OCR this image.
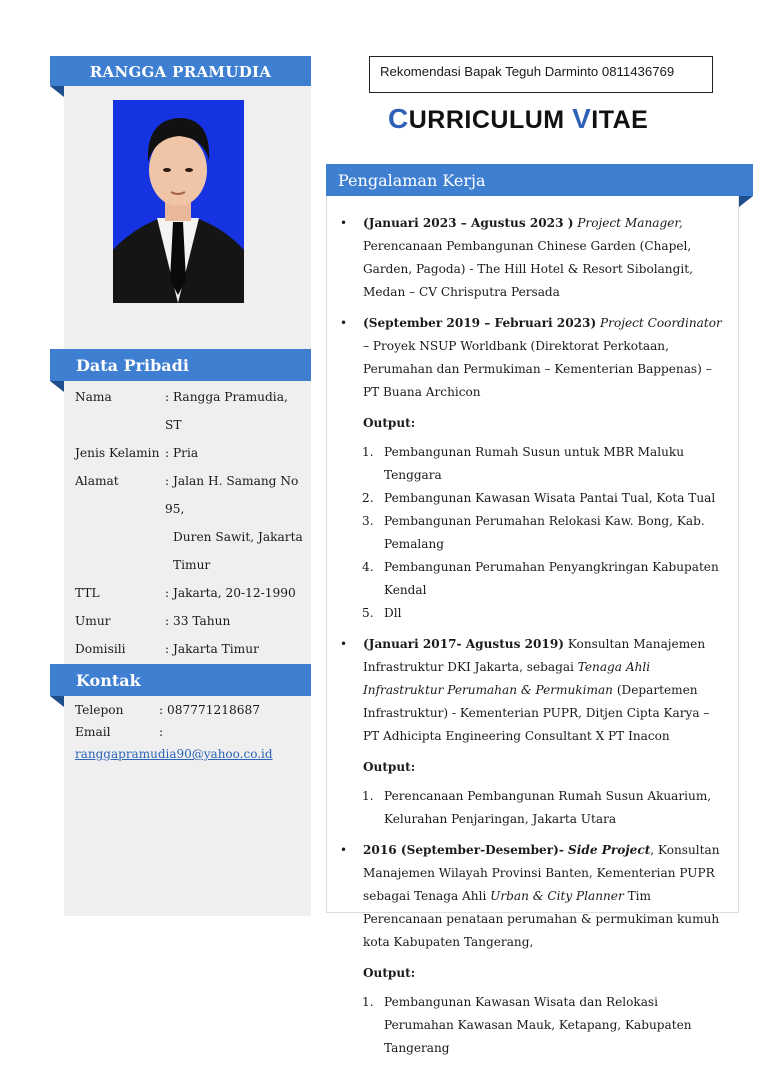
RANGGA PRAMUDIA
Data Pribadi
Nama	: Rangga Pramudia, ST
Jenis Kelamin : Pria
Alamat	: Jalan H. Samang No 95,
Duren Sawit, Jakarta
Timur
TTL	: Jakarta, 20-12-1990
Umur	: 33 Tahun
Domisili	: Jakarta Timur
Kontak
Telepon	: 087771218687
Email	:
ranggapramudia90@yahoo.co.id
Rekomendasi Bapak Teguh Darminto 0811436769
CURRICULUM VITAE
Pengalaman Kerja
•	(Januari 2023 – Agustus 2023 ) Project Manager, Perencanaan Pembangunan Chinese Garden (Chapel, Garden, Pagoda) - The Hill Hotel & Resort Sibolangit, Medan – CV Chrisputra Persada
•	(September 2019 – Februari 2023) Project Coordinator – Proyek NSUP Worldbank (Direktorat Perkotaan, Perumahan dan Permukiman – Kementerian Bappenas) – PT Buana Archicon
Output:
1. Pembangunan Rumah Susun untuk MBR Maluku Tenggara
2. Pembangunan Kawasan Wisata Pantai Tual, Kota Tual
3. Pembangunan Perumahan Relokasi Kaw. Bong, Kab. Pemalang
4. Pembangunan Perumahan Penyangkringan Kabupaten Kendal
5. Dll
•	(Januari 2017- Agustus 2019) Konsultan Manajemen Infrastruktur DKI Jakarta, sebagai Tenaga Ahli Infrastruktur Perumahan & Permukiman (Departemen Infrastruktur) - Kementerian PUPR, Ditjen Cipta Karya – PT Adhicipta Engineering Consultant X PT Inacon
Output:
1. Perencanaan Pembangunan Rumah Susun Akuarium, Kelurahan Penjaringan, Jakarta Utara
•	2016 (September-Desember)- Side Project, Konsultan Manajemen Wilayah Provinsi Banten, Kementerian PUPR sebagai Tenaga Ahli Urban & City Planner Tim Perencanaan penataan perumahan & permukiman kumuh kota Kabupaten Tangerang,
Output:
1. Pembangunan Kawasan Wisata dan Relokasi Perumahan Kawasan Mauk, Ketapang, Kabupaten Tangerang
